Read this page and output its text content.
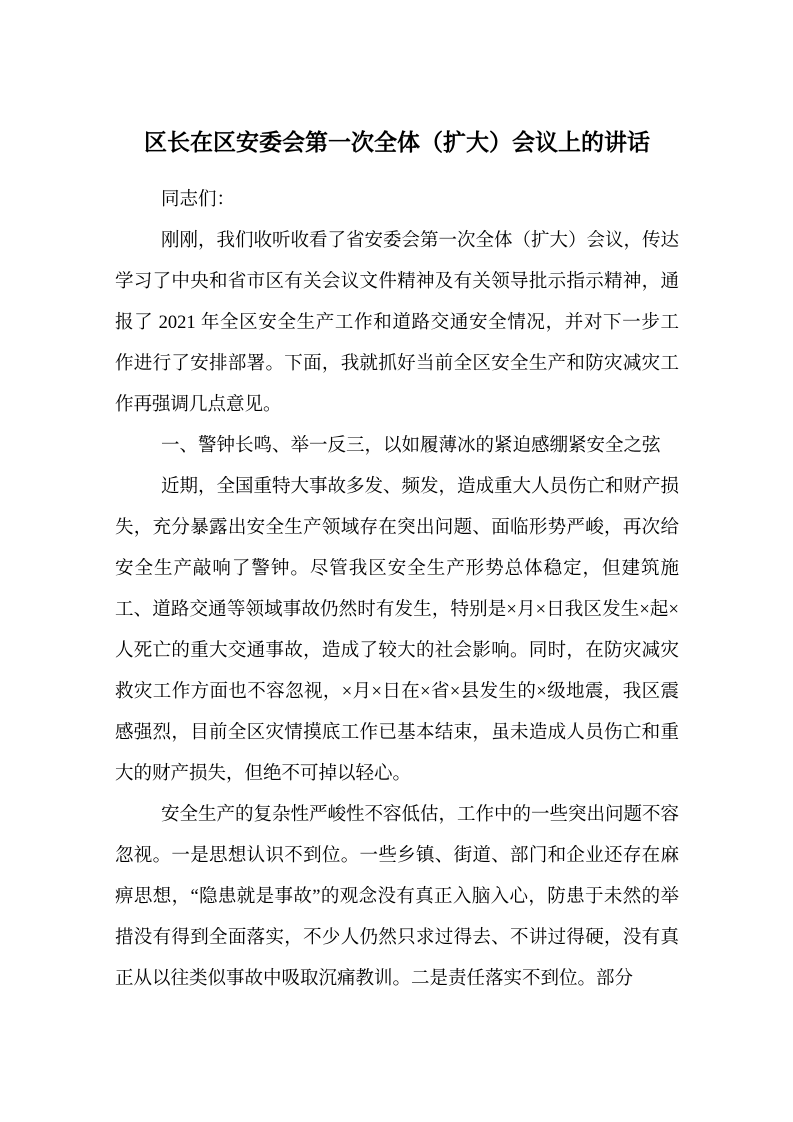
区长在区安委会第一次全体（扩大）会议上的讲话

同志们：

刚刚，我们收听收看了省安委会第一次全体（扩大）会议，传达学习了中央和省市区有关会议文件精神及有关领导批示指示精神，通报了 2021 年全区安全生产工作和道路交通安全情况，并对下一步工作进行了安排部署。下面，我就抓好当前全区安全生产和防灾减灾工作再强调几点意见。

一、警钟长鸣、举一反三，以如履薄冰的紧迫感绷紧安全之弦

近期，全国重特大事故多发、频发，造成重大人员伤亡和财产损失，充分暴露出安全生产领域存在突出问题、面临形势严峻，再次给安全生产敲响了警钟。尽管我区安全生产形势总体稳定，但建筑施工、道路交通等领域事故仍然时有发生，特别是×月×日我区发生×起×人死亡的重大交通事故，造成了较大的社会影响。同时，在防灾减灾救灾工作方面也不容忽视，×月×日在×省×县发生的×级地震，我区震感强烈，目前全区灾情摸底工作已基本结束，虽未造成人员伤亡和重大的财产损失，但绝不可掉以轻心。

安全生产的复杂性严峻性不容低估，工作中的一些突出问题不容忽视。一是思想认识不到位。一些乡镇、街道、部门和企业还存在麻痹思想，“隐患就是事故”的观念没有真正入脑入心，防患于未然的举措没有得到全面落实，不少人仍然只求过得去、不讲过得硬，没有真正从以往类似事故中吸取沉痛教训。二是责任落实不到位。部分
